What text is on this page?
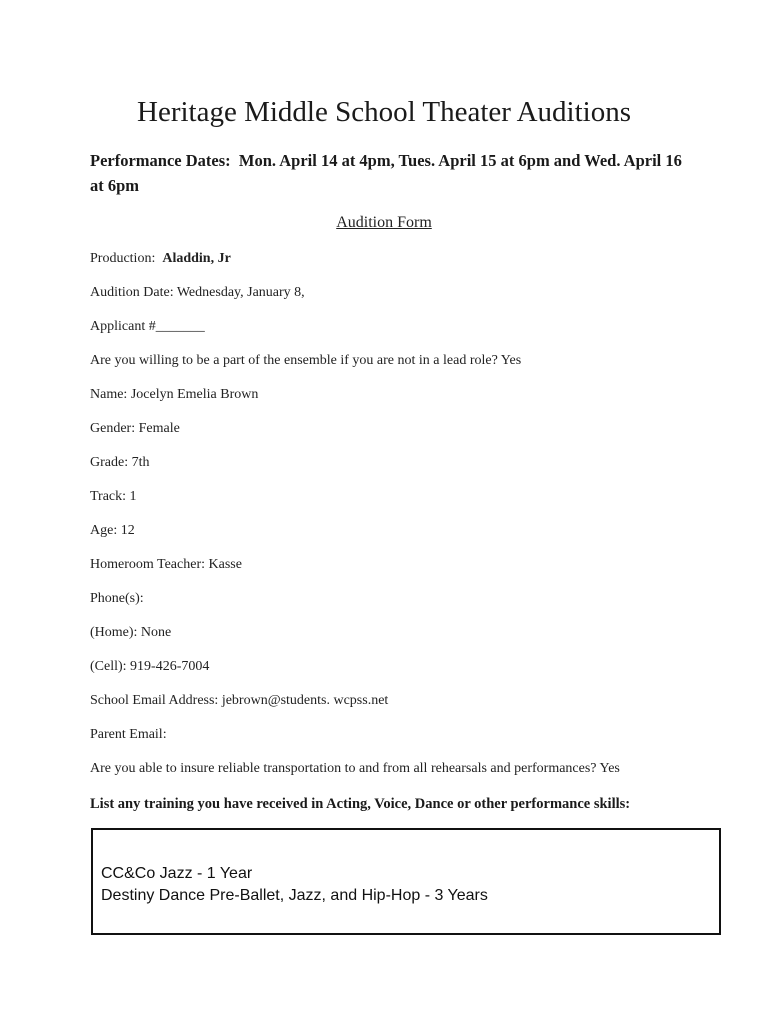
Heritage Middle School Theater Auditions

Performance Dates: Mon. April 14 at 4pm, Tues. April 15 at 6pm and Wed. April 16 at 6pm

Audition Form
Production: Aladdin, Jr
Audition Date: Wednesday, January 8,
Applicant #_______
Are you willing to be a part of the ensemble if you are not in a lead role? Yes
Name: Jocelyn Emelia Brown
Gender: Female
Grade: 7th
Track: 1
Age: 12
Homeroom Teacher: Kasse
Phone(s):
(Home): None
(Cell): 919-426-7004
School Email Address: jebrown@students. wcpss.net
Parent Email:
Are you able to insure reliable transportation to and from all rehearsals and performances? Yes
List any training you have received in Acting, Voice, Dance or other performance skills:
CC&Co Jazz - 1 Year
Destiny Dance Pre-Ballet, Jazz, and Hip-Hop - 3 Years
